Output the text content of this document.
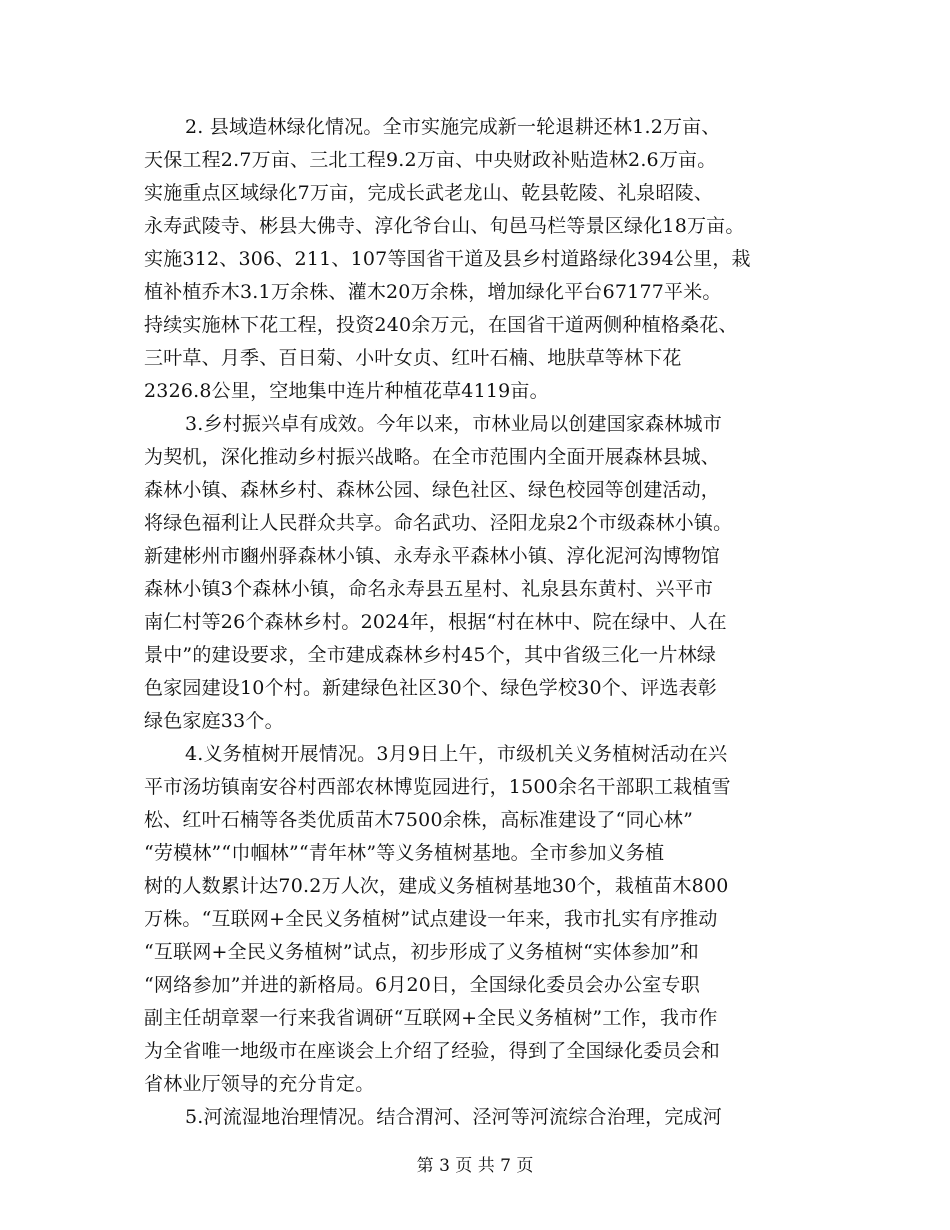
2. 县域造林绿化情况。全市实施完成新一轮退耕还林1.2万亩、
天保工程2.7万亩、三北工程9.2万亩、中央财政补贴造林2.6万亩。
实施重点区域绿化7万亩，完成长武老龙山、乾县乾陵、礼泉昭陵、
永寿武陵寺、彬县大佛寺、淳化爷台山、旬邑马栏等景区绿化18万亩。
实施312、306、211、107等国省干道及县乡村道路绿化394公里，栽
植补植乔木3.1万余株、灌木20万余株，增加绿化平台67177平米。
持续实施林下花工程，投资240余万元，在国省干道两侧种植格桑花、
三叶草、月季、百日菊、小叶女贞、红叶石楠、地肤草等林下花
2326.8公里，空地集中连片种植花草4119亩。
3.乡村振兴卓有成效。今年以来，市林业局以创建国家森林城市
为契机，深化推动乡村振兴战略。在全市范围内全面开展森林县城、
森林小镇、森林乡村、森林公园、绿色社区、绿色校园等创建活动，
将绿色福利让人民群众共享。命名武功、泾阳龙泉2个市级森林小镇。
新建彬州市豳州驿森林小镇、永寿永平森林小镇、淳化泥河沟博物馆
森林小镇3个森林小镇，命名永寿县五星村、礼泉县东黄村、兴平市
南仁村等26个森林乡村。2024年，根据“村在林中、院在绿中、人在
景中”的建设要求，全市建成森林乡村45个，其中省级三化一片林绿
色家园建设10个村。新建绿色社区30个、绿色学校30个、评选表彰
绿色家庭33个。
4.义务植树开展情况。3月9日上午，市级机关义务植树活动在兴
平市汤坊镇南安谷村西部农林博览园进行，1500余名干部职工栽植雪
松、红叶石楠等各类优质苗木7500余株，高标准建设了“同心林”
“劳模林”“巾帼林”“青年林”等义务植树基地。全市参加义务植
树的人数累计达70.2万人次，建成义务植树基地30个，栽植苗木800
万株。“互联网+全民义务植树”试点建设一年来，我市扎实有序推动
“互联网+全民义务植树”试点，初步形成了义务植树“实体参加”和
“网络参加”并进的新格局。6月20日，全国绿化委员会办公室专职
副主任胡章翠一行来我省调研“互联网+全民义务植树”工作，我市作
为全省唯一地级市在座谈会上介绍了经验，得到了全国绿化委员会和
省林业厅领导的充分肯定。
5.河流湿地治理情况。结合渭河、泾河等河流综合治理，完成河
第 3 页 共 7 页
